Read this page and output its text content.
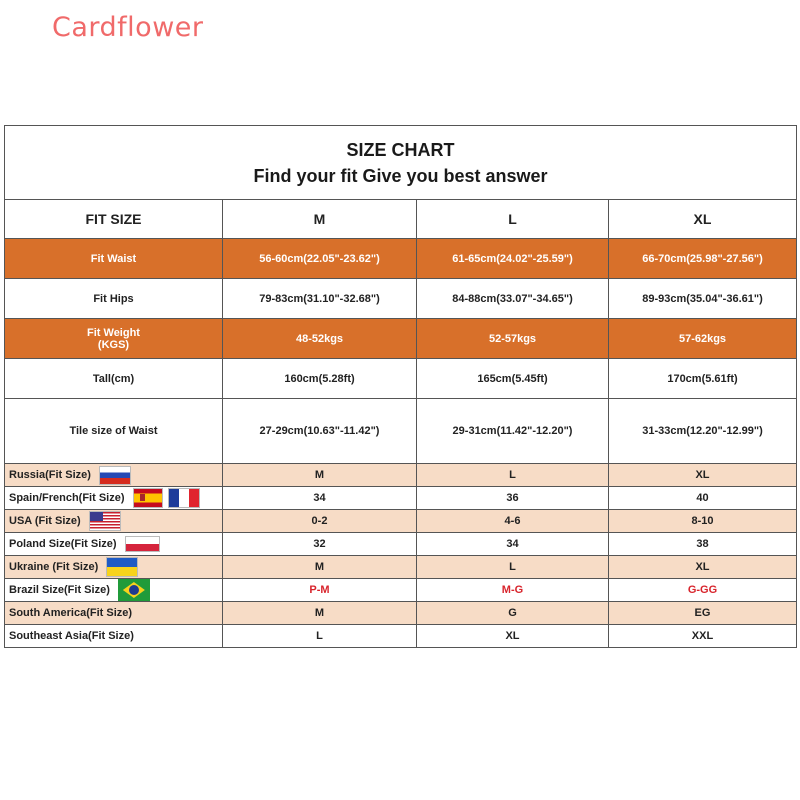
Cardflower
SIZE CHART
Find your fit Give you best answer			

FIT SIZE	M	L	XL
Fit Waist	56-60cm(22.05"-23.62")	61-65cm(24.02"-25.59")	66-70cm(25.98"-27.56")
Fit Hips	79-83cm(31.10"-32.68")	84-88cm(33.07"-34.65")	89-93cm(35.04"-36.61")

Fit Weight
(KGS)	48-52kgs	52-57kgs	57-62kgs
Tall(cm)	160cm(5.28ft)	165cm(5.45ft)	170cm(5.61ft)
Tile size of Waist	27-29cm(10.63"-11.42")	29-31cm(11.42"-12.20")	31-33cm(12.20"-12.99")
Russia(Fit Size)	M	L	XL
Spain/French(Fit Size)	34	36	40
USA (Fit Size)	0-2	4-6	8-10
Poland Size(Fit Size)	32	34	38
Ukraine (Fit Size)	M	L	XL
Brazil Size(Fit Size)	P-M	M-G	G-GG
South America(Fit Size)	M	G	EG
Southeast Asia(Fit Size)	L	XL	XXL
